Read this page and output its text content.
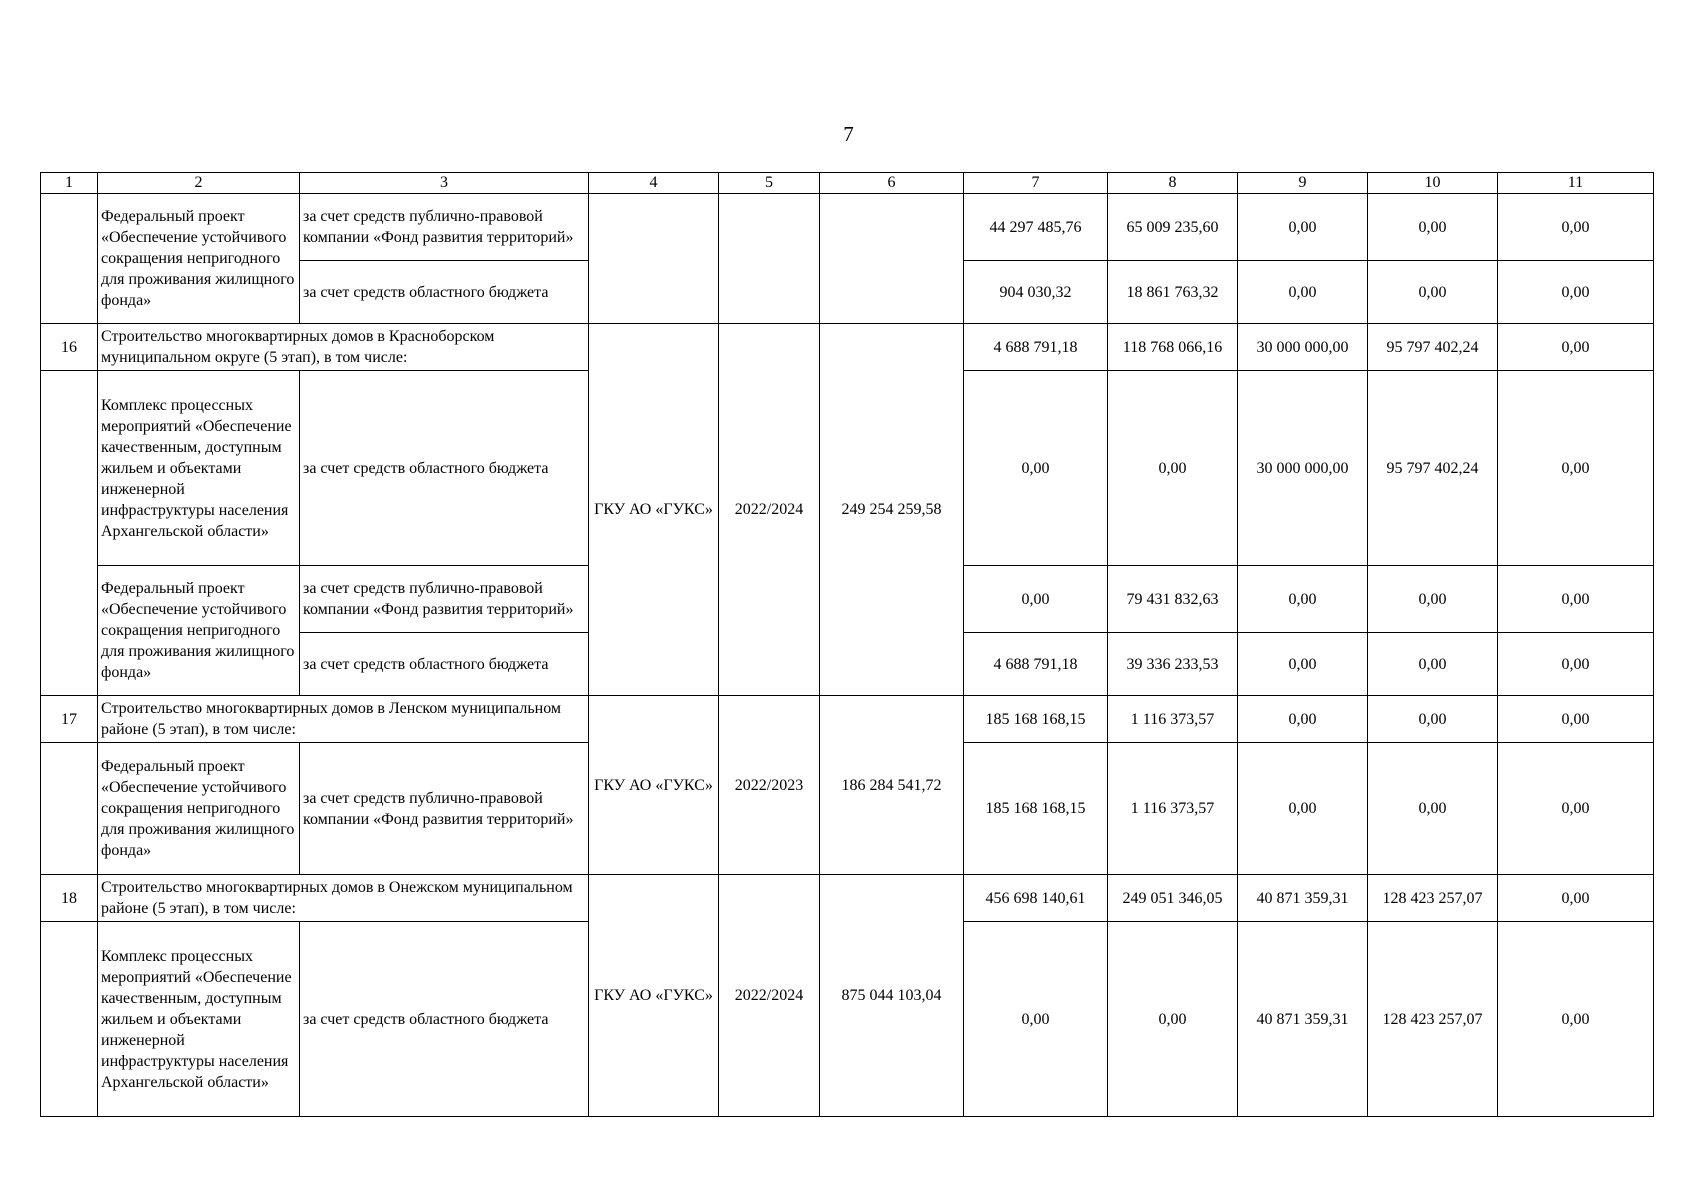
7
1	2	3	4	5	6	7	8	9	10	11
	Федеральный проект «Обеспечение устойчивого сокращения непригодного для проживания жилищного фонда»	за счет средств публично-правовой компании «Фонд развития территорий»				44 297 485,76	65 009 235,60	0,00	0,00	0,00
		за счет средств областного бюджета				904 030,32	18 861 763,32	0,00	0,00	0,00
16	Строительство многоквартирных домов в Красноборском муниципальном округе (5 этап), в том числе:		ГКУ АО «ГУКС»	2022/2024	249 254 259,58	4 688 791,18	118 768 066,16	30 000 000,00	95 797 402,24	0,00
	Комплекс процессных мероприятий «Обеспечение качественным, доступным жильем и объектами инженерной инфраструктуры населения Архангельской области»	за счет средств областного бюджета				0,00	0,00	30 000 000,00	95 797 402,24	0,00
	Федеральный проект «Обеспечение устойчивого сокращения непригодного для проживания жилищного фонда»	за счет средств публично-правовой компании «Фонд развития территорий»				0,00	79 431 832,63	0,00	0,00	0,00
		за счет средств областного бюджета				4 688 791,18	39 336 233,53	0,00	0,00	0,00
17	Строительство многоквартирных домов в Ленском муниципальном районе (5 этап), в том числе:		ГКУ АО «ГУКС»	2022/2023	186 284 541,72	185 168 168,15	1 116 373,57	0,00	0,00	0,00
	Федеральный проект «Обеспечение устойчивого сокращения непригодного для проживания жилищного фонда»	за счет средств публично-правовой компании «Фонд развития территорий»				185 168 168,15	1 116 373,57	0,00	0,00	0,00
18	Строительство многоквартирных домов в Онежском муниципальном районе (5 этап), в том числе:		ГКУ АО «ГУКС»	2022/2024	875 044 103,04	456 698 140,61	249 051 346,05	40 871 359,31	128 423 257,07	0,00
	Комплекс процессных мероприятий «Обеспечение качественным, доступным жильем и объектами инженерной инфраструктуры населения Архангельской области»	за счет средств областного бюджета				0,00	0,00	40 871 359,31	128 423 257,07	0,00
